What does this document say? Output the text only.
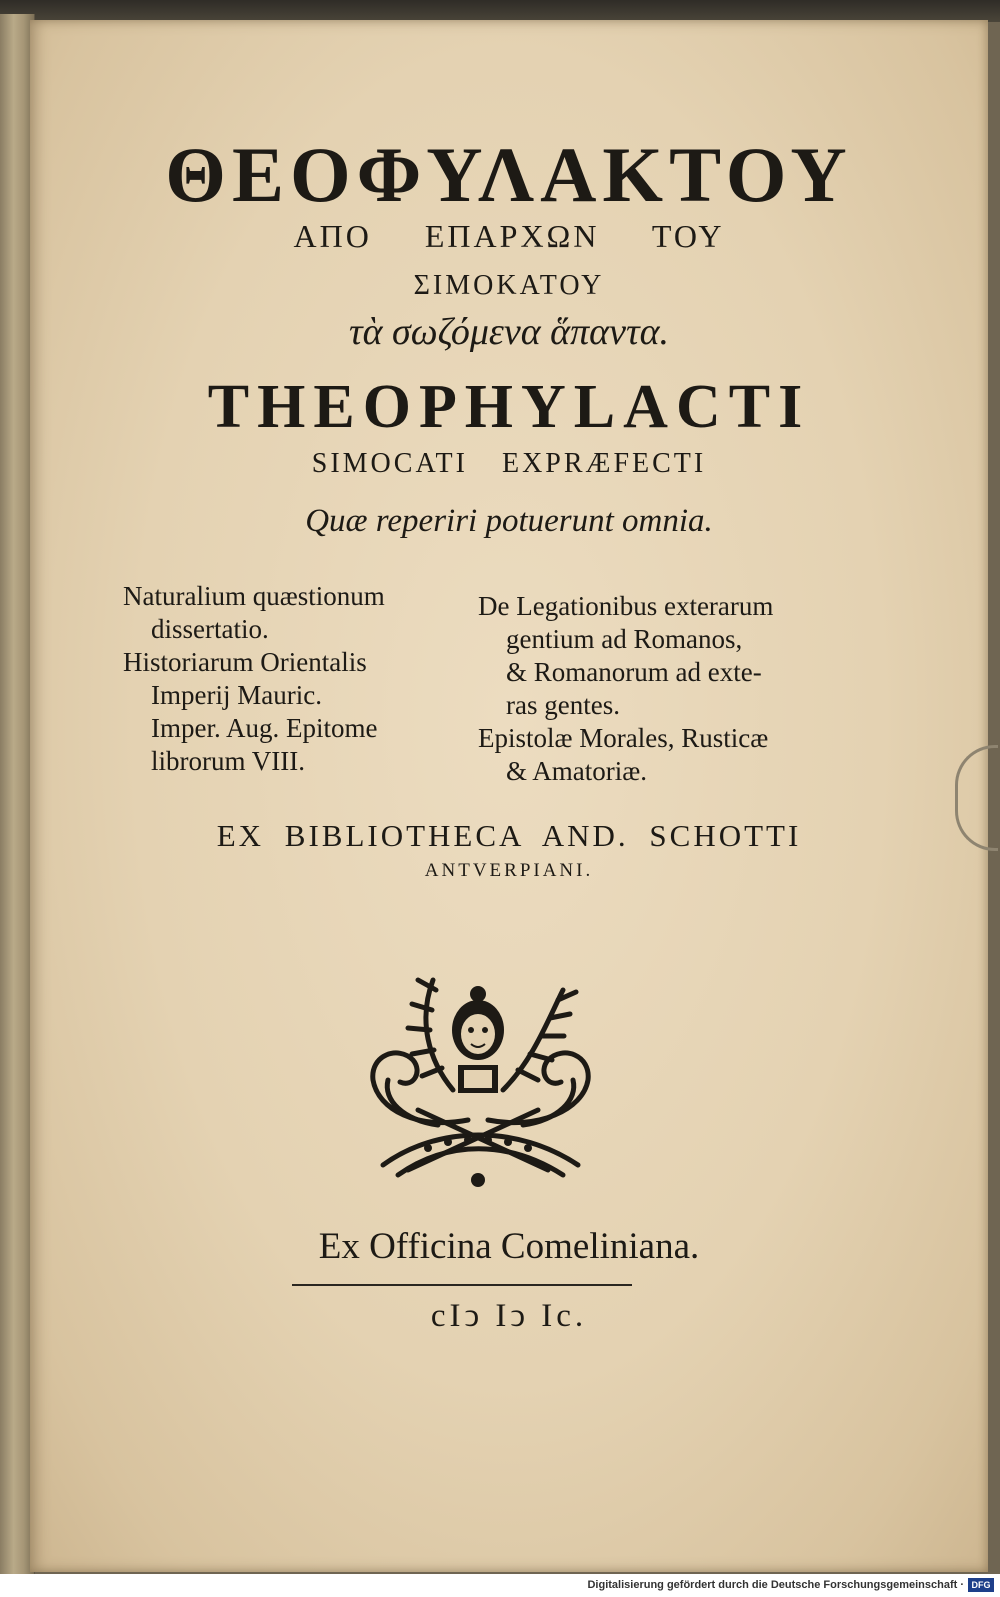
ΘΕΟΦΥΛΑΚΤΟΥ
ΑΠΟ ΕΠΑΡΧΩΝ ΤΟΥ
ΣΙΜΟΚΑΤΟΥ
τὰ σωζόμενα ἅπαντα.
THEOPHYLACTI
SIMOCATI EXPRÆFECTI
Quæ reperiri potuerunt omnia.
Naturalium quæstionum
dissertatio.
Historiarum Orientalis
Imperij Mauric.
Imper. Aug. Epitome
librorum VIII.
De Legationibus exterarum
gentium ad Romanos,
& Romanorum ad exte-
ras gentes.
Epistolæ Morales, Rusticæ
& Amatoriæ.
EX BIBLIOTHECA AND. SCHOTTI
ANTVERPIANI.
Ex Officina Comeliniana.
cIↄ Iↄ Ic.
Digitalisierung gefördert durch die Deutsche Forschungsgemeinschaft · DFG
